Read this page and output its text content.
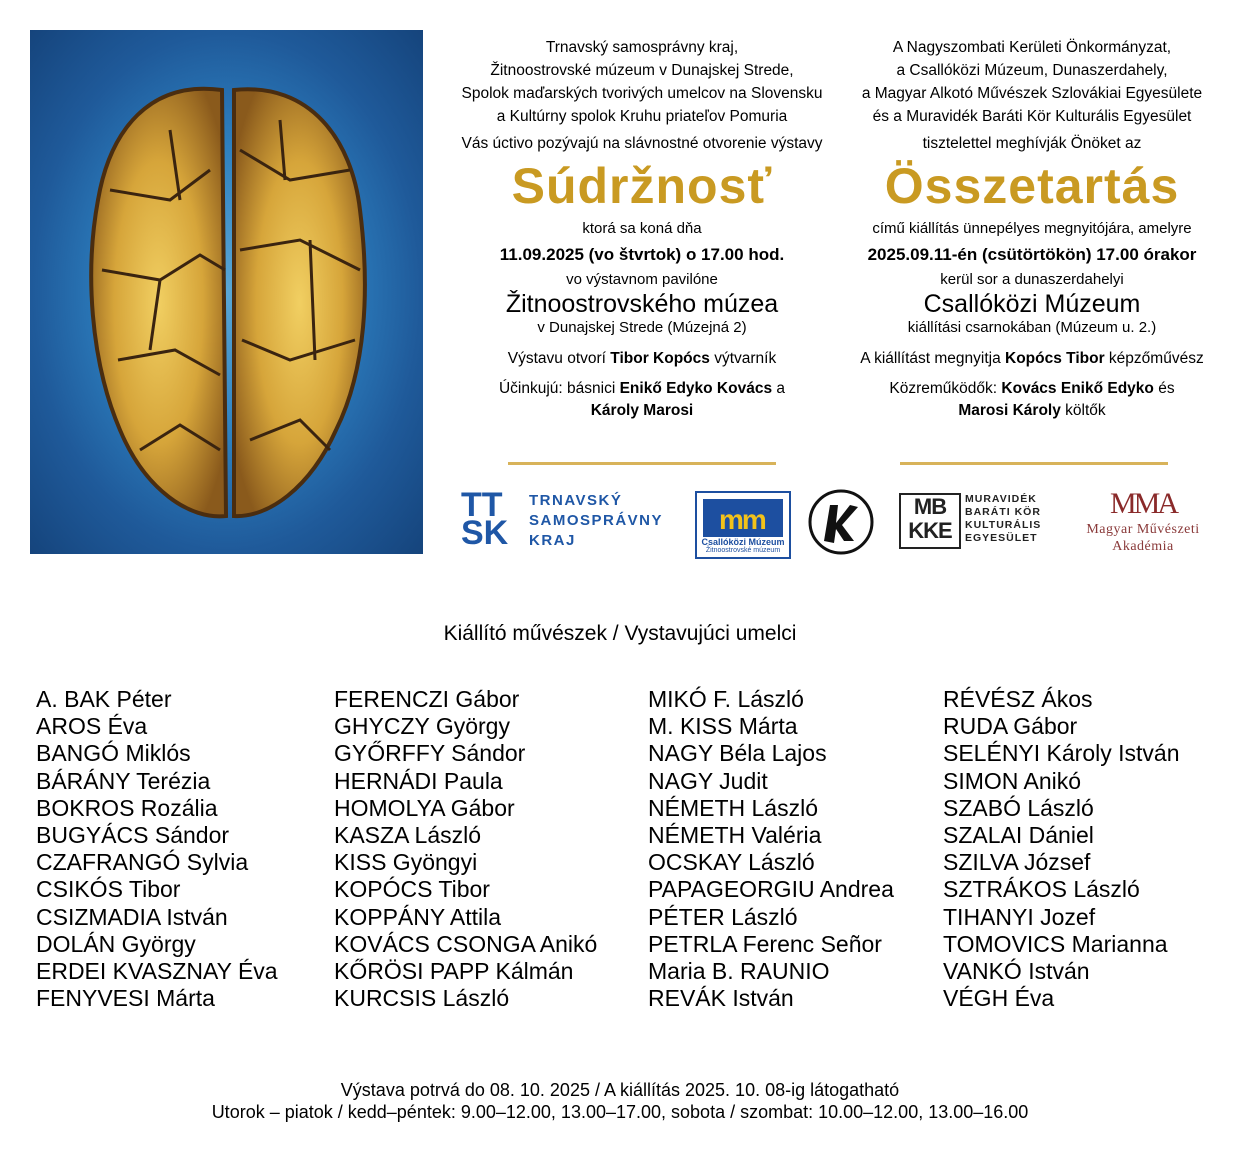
Trnavský samosprávny kraj,
Žitnoostrovské múzeum v Dunajskej Strede,
Spolok maďarských tvorivých umelcov na Slovensku
a Kultúrny spolok Kruhu priateľov Pomuria
Vás úctivo pozývajú na slávnostné otvorenie výstavy
Súdržnosť
ktorá sa koná dňa
11.09.2025 (vo štvrtok) o 17.00 hod.
vo výstavnom pavilóne
Žitnoostrovského múzea
v Dunajskej Strede (Múzejná 2)
Výstavu otvorí Tibor Kopócs výtvarník
Účinkujú: básnici Enikő Edyko Kovács a
Károly Marosi
A Nagyszombati Kerületi Önkormányzat,
a Csallóközi Múzeum, Dunaszerdahely,
a Magyar Alkotó Művészek Szlovákiai Egyesülete
és a Muravidék Baráti Kör Kulturális Egyesület
tisztelettel meghívják Önöket az
Összetartás
című kiállítás ünnepélyes megnyitójára, amelyre
2025.09.11-én (csütörtökön) 17.00 órakor
kerül sor a dunaszerdahelyi
Csallóközi Múzeum
kiállítási csarnokában (Múzeum u. 2.)
A kiállítást megnyitja Kopócs Tibor képzőművész
Közreműködők: Kovács Enikő Edyko és
Marosi Károly költők
TT
SK
TRNAVSKÝ
SAMOSPRÁVNY
KRAJ
mm
Csallóközi Múzeum
Žitnoostrovské múzeum
MB
KKE
MURAVIDÉK
BARÁTI KÖR
KULTURÁLIS
EGYESÜLET
MMA
Magyar Művészeti
Akadémia
Kiállító művészek / Vystavujúci umelci
A. BAK Péter
AROS Éva
BANGÓ Miklós
BÁRÁNY Terézia
BOKROS Rozália
BUGYÁCS Sándor
CZAFRANGÓ Sylvia
CSIKÓS Tibor
CSIZMADIA István
DOLÁN György
ERDEI KVASZNAY Éva
FENYVESI Márta
FERENCZI Gábor
GHYCZY György
GYŐRFFY Sándor
HERNÁDI Paula
HOMOLYA Gábor
KASZA László
KISS Gyöngyi
KOPÓCS Tibor
KOPPÁNY Attila
KOVÁCS CSONGA Anikó
KŐRÖSI PAPP Kálmán
KURCSIS László
MIKÓ F. László
M. KISS Márta
NAGY Béla Lajos
NAGY Judit
NÉMETH László
NÉMETH Valéria
OCSKAY László
PAPAGEORGIU Andrea
PÉTER László
PETRLA Ferenc Señor
Maria B. RAUNIO
REVÁK István
RÉVÉSZ Ákos
RUDA Gábor
SELÉNYI Károly István
SIMON Anikó
SZABÓ László
SZALAI Dániel
SZILVA József
SZTRÁKOS László
TIHANYI Jozef
TOMOVICS Marianna
VANKÓ István
VÉGH Éva
Výstava potrvá do 08. 10. 2025 / A kiállítás 2025. 10. 08-ig látogatható
Utorok – piatok / kedd–péntek: 9.00–12.00, 13.00–17.00, sobota / szombat: 10.00–12.00, 13.00–16.00
